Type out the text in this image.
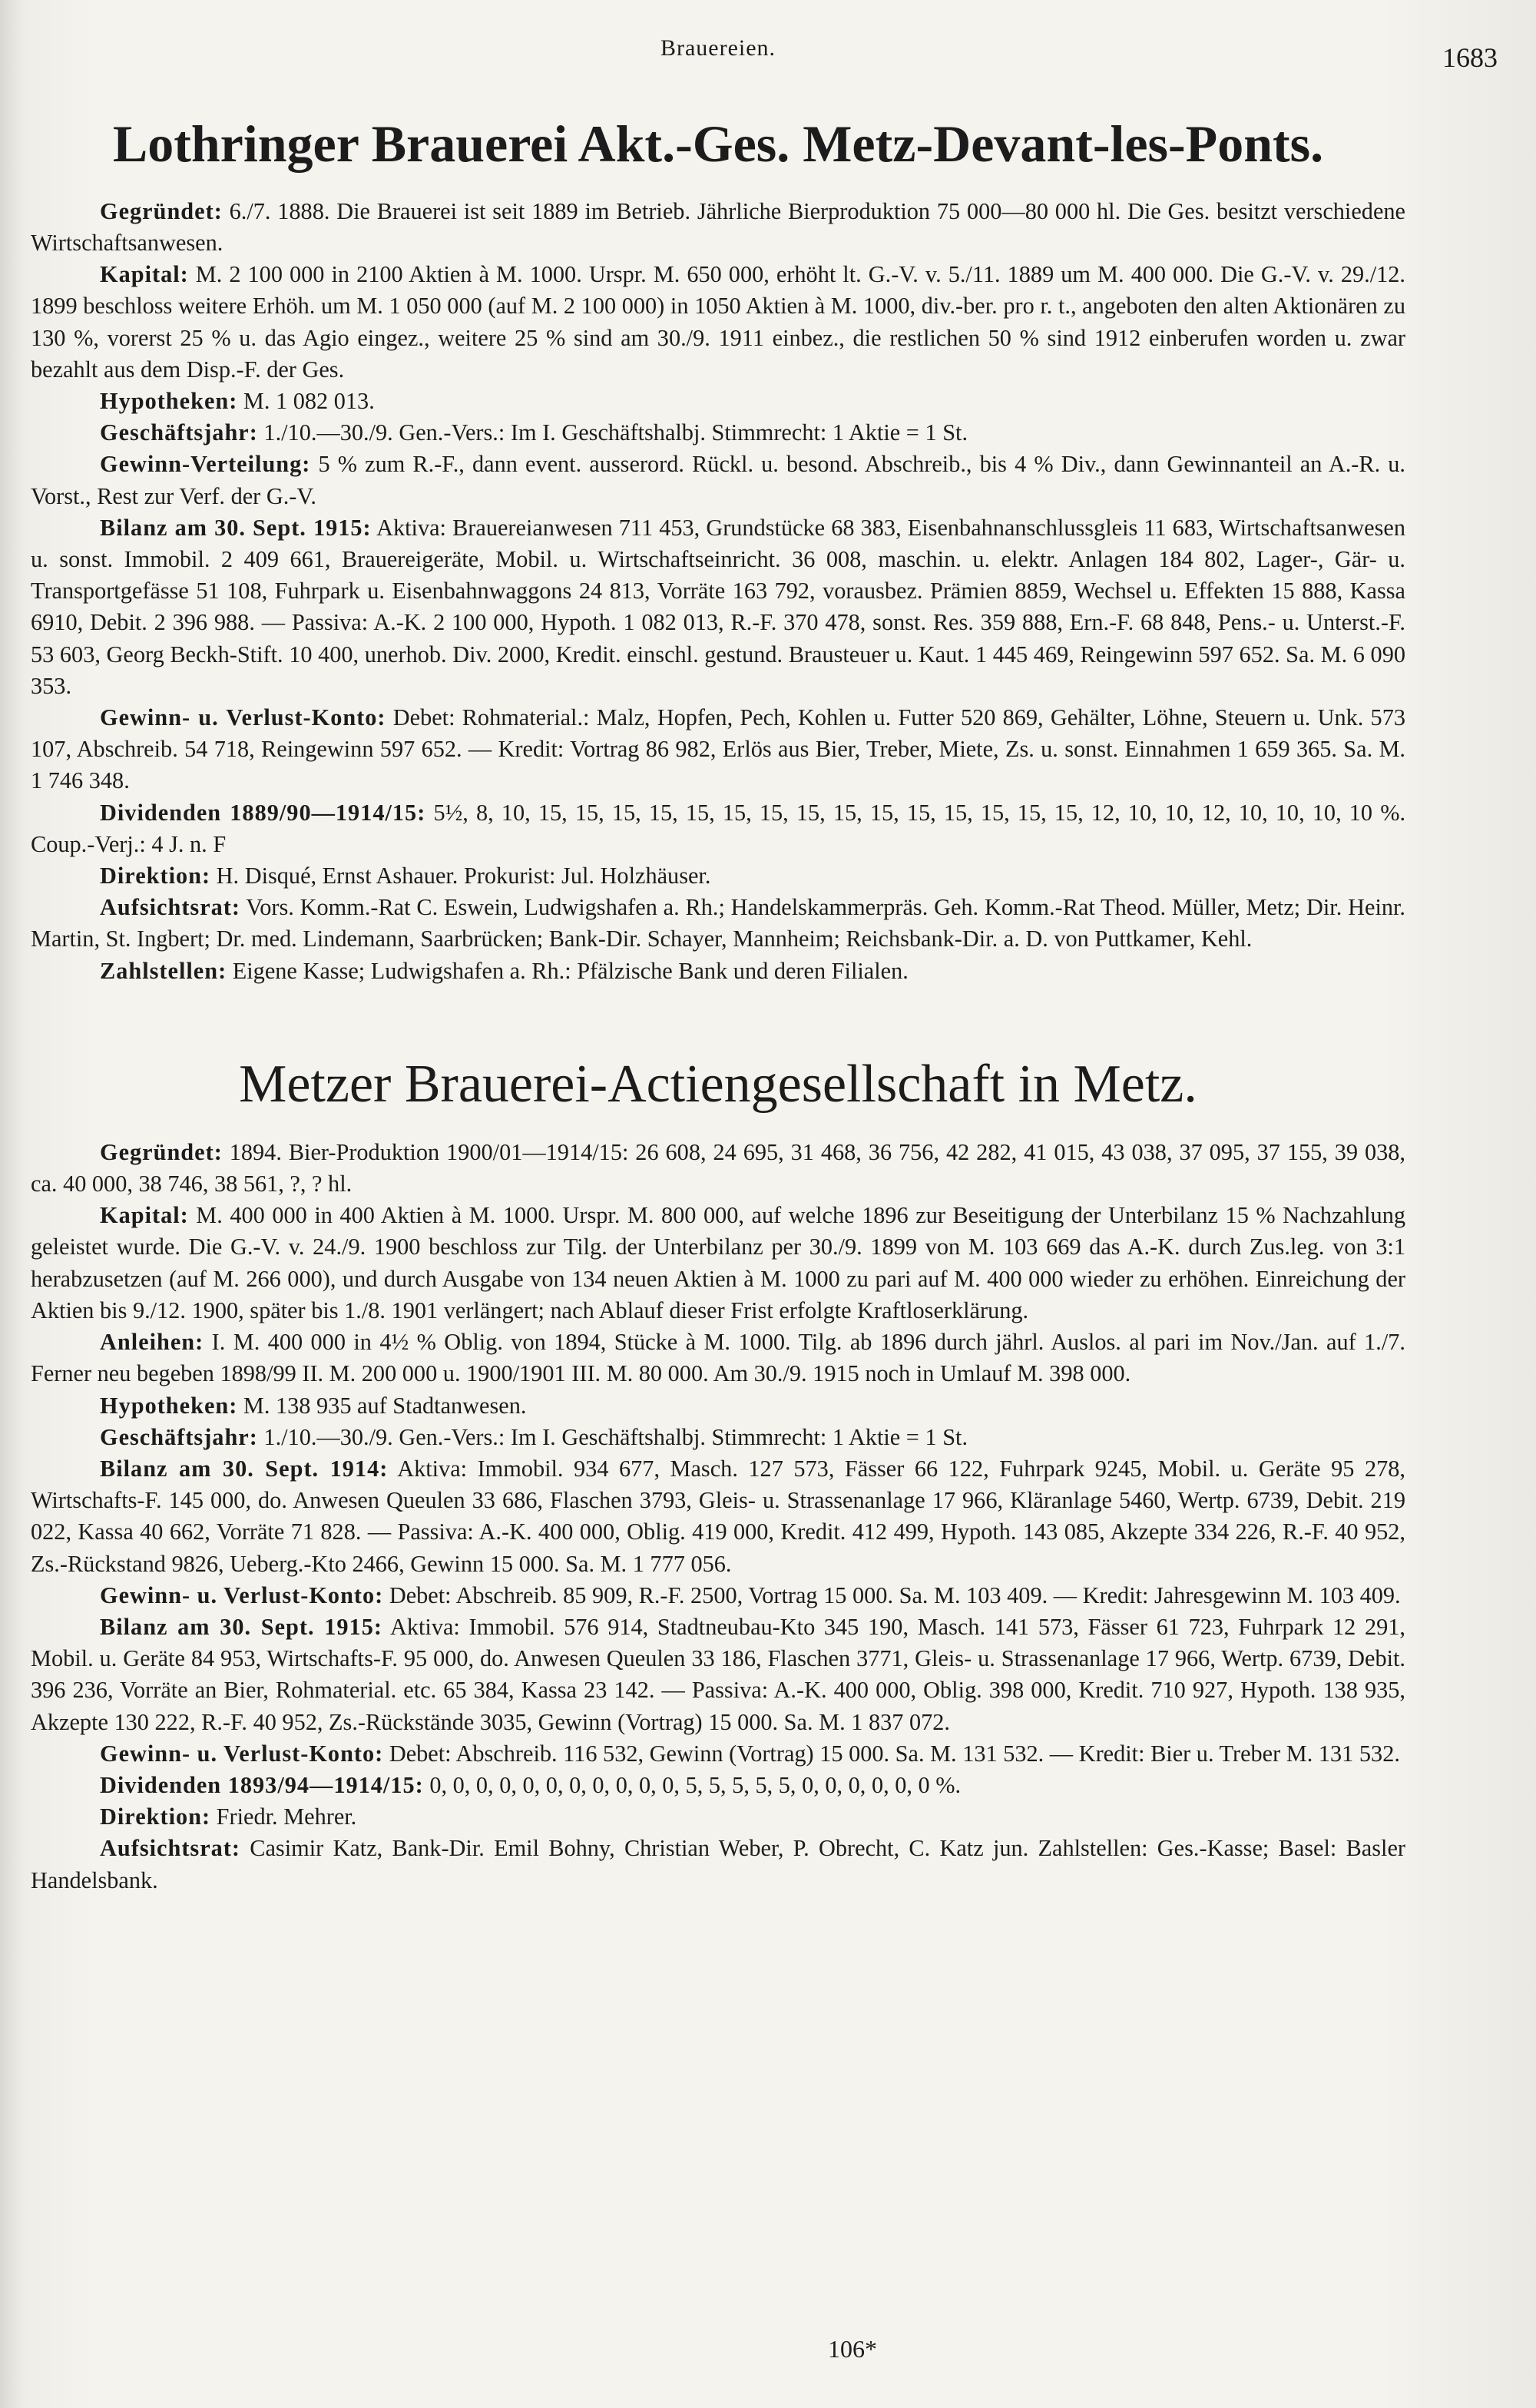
Brauereien.	1683
Lothringer Brauerei Akt.-Ges. Metz-Devant-les-Ponts.

Gegründet: 6./7. 1888. Die Brauerei ist seit 1889 im Betrieb. Jährliche Bierproduktion 75 000—80 000 hl. Die Ges. besitzt verschiedene Wirtschaftsanwesen.

Kapital: M. 2 100 000 in 2100 Aktien à M. 1000. Urspr. M. 650 000, erhöht lt. G.-V. v. 5./11. 1889 um M. 400 000. Die G.-V. v. 29./12. 1899 beschloss weitere Erhöh. um M. 1 050 000 (auf M. 2 100 000) in 1050 Aktien à M. 1000, div.-ber. pro r. t., angeboten den alten Aktionären zu 130 %, vorerst 25 % u. das Agio eingez., weitere 25 % sind am 30./9. 1911 einbez., die restlichen 50 % sind 1912 einberufen worden u. zwar bezahlt aus dem Disp.-F. der Ges.

Hypotheken: M. 1 082 013.

Geschäftsjahr: 1./10.—30./9. Gen.-Vers.: Im I. Geschäftshalbj. Stimmrecht: 1 Aktie = 1 St.

Gewinn-Verteilung: 5 % zum R.-F., dann event. ausserord. Rückl. u. besond. Abschreib., bis 4 % Div., dann Gewinnanteil an A.-R. u. Vorst., Rest zur Verf. der G.-V.

Bilanz am 30. Sept. 1915: Aktiva: Brauereianwesen 711 453, Grundstücke 68 383, Eisenbahnanschlussgleis 11 683, Wirtschaftsanwesen u. sonst. Immobil. 2 409 661, Brauereigeräte, Mobil. u. Wirtschaftseinricht. 36 008, maschin. u. elektr. Anlagen 184 802, Lager-, Gär- u. Transportgefässe 51 108, Fuhrpark u. Eisenbahnwaggons 24 813, Vorräte 163 792, vorausbez. Prämien 8859, Wechsel u. Effekten 15 888, Kassa 6910, Debit. 2 396 988. — Passiva: A.-K. 2 100 000, Hypoth. 1 082 013, R.-F. 370 478, sonst. Res. 359 888, Ern.-F. 68 848, Pens.- u. Unterst.-F. 53 603, Georg Beckh-Stift. 10 400, unerhob. Div. 2000, Kredit. einschl. gestund. Brausteuer u. Kaut. 1 445 469, Reingewinn 597 652. Sa. M. 6 090 353.

Gewinn- u. Verlust-Konto: Debet: Rohmaterial.: Malz, Hopfen, Pech, Kohlen u. Futter 520 869, Gehälter, Löhne, Steuern u. Unk. 573 107, Abschreib. 54 718, Reingewinn 597 652. — Kredit: Vortrag 86 982, Erlös aus Bier, Treber, Miete, Zs. u. sonst. Einnahmen 1 659 365. Sa. M. 1 746 348.

Dividenden 1889/90—1914/15: 5½, 8, 10, 15, 15, 15, 15, 15, 15, 15, 15, 15, 15, 15, 15, 15, 15, 15, 12, 10, 10, 12, 10, 10, 10, 10 %. Coup.-Verj.: 4 J. n. F

Direktion: H. Disqué, Ernst Ashauer. Prokurist: Jul. Holzhäuser.

Aufsichtsrat: Vors. Komm.-Rat C. Eswein, Ludwigshafen a. Rh.; Handelskammerpräs. Geh. Komm.-Rat Theod. Müller, Metz; Dir. Heinr. Martin, St. Ingbert; Dr. med. Lindemann, Saarbrücken; Bank-Dir. Schayer, Mannheim; Reichsbank-Dir. a. D. von Puttkamer, Kehl.

Zahlstellen: Eigene Kasse; Ludwigshafen a. Rh.: Pfälzische Bank und deren Filialen.

Metzer Brauerei-Actiengesellschaft in Metz.

Gegründet: 1894. Bier-Produktion 1900/01—1914/15: 26 608, 24 695, 31 468, 36 756, 42 282, 41 015, 43 038, 37 095, 37 155, 39 038, ca. 40 000, 38 746, 38 561, ?, ? hl.

Kapital: M. 400 000 in 400 Aktien à M. 1000. Urspr. M. 800 000, auf welche 1896 zur Beseitigung der Unterbilanz 15 % Nachzahlung geleistet wurde. Die G.-V. v. 24./9. 1900 beschloss zur Tilg. der Unterbilanz per 30./9. 1899 von M. 103 669 das A.-K. durch Zus.leg. von 3:1 herabzusetzen (auf M. 266 000), und durch Ausgabe von 134 neuen Aktien à M. 1000 zu pari auf M. 400 000 wieder zu erhöhen. Einreichung der Aktien bis 9./12. 1900, später bis 1./8. 1901 verlängert; nach Ablauf dieser Frist erfolgte Kraftloserklärung.

Anleihen: I. M. 400 000 in 4½ % Oblig. von 1894, Stücke à M. 1000. Tilg. ab 1896 durch jährl. Auslos. al pari im Nov./Jan. auf 1./7. Ferner neu begeben 1898/99 II. M. 200 000 u. 1900/1901 III. M. 80 000. Am 30./9. 1915 noch in Umlauf M. 398 000.

Hypotheken: M. 138 935 auf Stadtanwesen.

Geschäftsjahr: 1./10.—30./9. Gen.-Vers.: Im I. Geschäftshalbj. Stimmrecht: 1 Aktie = 1 St.

Bilanz am 30. Sept. 1914: Aktiva: Immobil. 934 677, Masch. 127 573, Fässer 66 122, Fuhrpark 9245, Mobil. u. Geräte 95 278, Wirtschafts-F. 145 000, do. Anwesen Queulen 33 686, Flaschen 3793, Gleis- u. Strassenanlage 17 966, Kläranlage 5460, Wertp. 6739, Debit. 219 022, Kassa 40 662, Vorräte 71 828. — Passiva: A.-K. 400 000, Oblig. 419 000, Kredit. 412 499, Hypoth. 143 085, Akzepte 334 226, R.-F. 40 952, Zs.-Rückstand 9826, Ueberg.-Kto 2466, Gewinn 15 000. Sa. M. 1 777 056.

Gewinn- u. Verlust-Konto: Debet: Abschreib. 85 909, R.-F. 2500, Vortrag 15 000. Sa. M. 103 409. — Kredit: Jahresgewinn M. 103 409.

Bilanz am 30. Sept. 1915: Aktiva: Immobil. 576 914, Stadtneubau-Kto 345 190, Masch. 141 573, Fässer 61 723, Fuhrpark 12 291, Mobil. u. Geräte 84 953, Wirtschafts-F. 95 000, do. Anwesen Queulen 33 186, Flaschen 3771, Gleis- u. Strassenanlage 17 966, Wertp. 6739, Debit. 396 236, Vorräte an Bier, Rohmaterial. etc. 65 384, Kassa 23 142. — Passiva: A.-K. 400 000, Oblig. 398 000, Kredit. 710 927, Hypoth. 138 935, Akzepte 130 222, R.-F. 40 952, Zs.-Rückstände 3035, Gewinn (Vortrag) 15 000. Sa. M. 1 837 072.

Gewinn- u. Verlust-Konto: Debet: Abschreib. 116 532, Gewinn (Vortrag) 15 000. Sa. M. 131 532. — Kredit: Bier u. Treber M. 131 532.

Dividenden 1893/94—1914/15: 0, 0, 0, 0, 0, 0, 0, 0, 0, 0, 0, 5, 5, 5, 5, 5, 0, 0, 0, 0, 0, 0 %.

Direktion: Friedr. Mehrer.

Aufsichtsrat: Casimir Katz, Bank-Dir. Emil Bohny, Christian Weber, P. Obrecht, C. Katz jun. Zahlstellen: Ges.-Kasse; Basel: Basler Handelsbank.

106*
